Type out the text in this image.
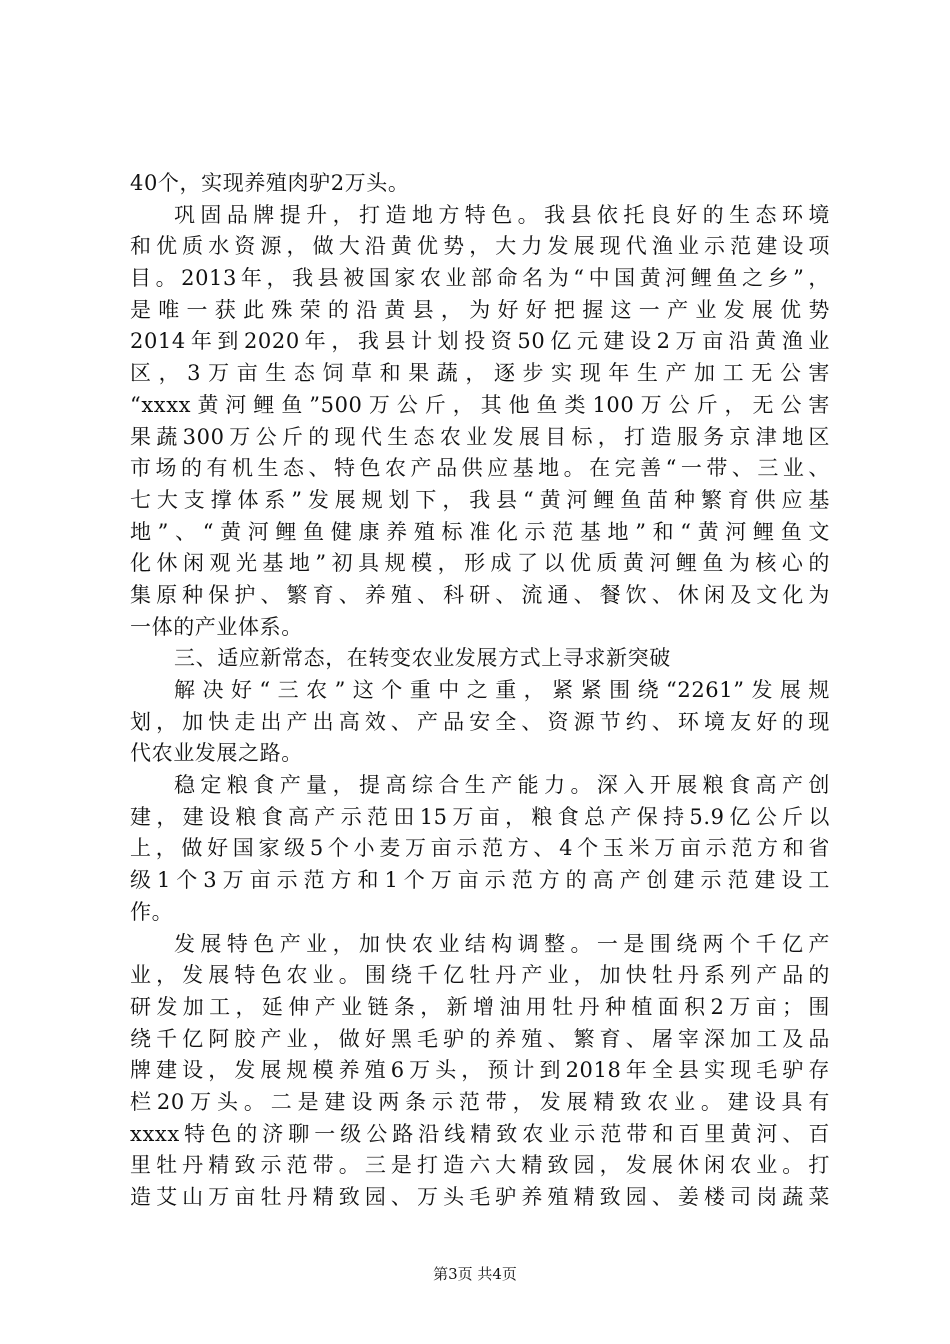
40个，实现养殖肉驴2万头。
巩固品牌提升，打造地方特色。我县依托良好的生态环境
和优质水资源，做大沿黄优势，大力发展现代渔业示范建设项
目。2013年，我县被国家农业部命名为“中国黄河鲤鱼之乡”，
是唯一获此殊荣的沿黄县，为好好把握这一产业发展优势
2014年到2020年，我县计划投资50亿元建设2万亩沿黄渔业
区，3万亩生态饲草和果蔬，逐步实现年生产加工无公害
“xxxx黄河鲤鱼”500万公斤，其他鱼类100万公斤，无公害
果蔬300万公斤的现代生态农业发展目标，打造服务京津地区
市场的有机生态、特色农产品供应基地。在完善“一带、三业、
七大支撑体系”发展规划下，我县“黄河鲤鱼苗种繁育供应基
地”、“黄河鲤鱼健康养殖标准化示范基地”和“黄河鲤鱼文
化休闲观光基地”初具规模，形成了以优质黄河鲤鱼为核心的
集原种保护、繁育、养殖、科研、流通、餐饮、休闲及文化为
一体的产业体系。
三、适应新常态，在转变农业发展方式上寻求新突破
解决好“三农”这个重中之重，紧紧围绕“2261”发展规
划，加快走出产出高效、产品安全、资源节约、环境友好的现
代农业发展之路。
稳定粮食产量，提高综合生产能力。深入开展粮食高产创
建，建设粮食高产示范田15万亩，粮食总产保持5.9亿公斤以
上，做好国家级5个小麦万亩示范方、4个玉米万亩示范方和省
级1个3万亩示范方和1个万亩示范方的高产创建示范建设工
作。
发展特色产业，加快农业结构调整。一是围绕两个千亿产
业，发展特色农业。围绕千亿牡丹产业，加快牡丹系列产品的
研发加工，延伸产业链条，新增油用牡丹种植面积2万亩；围
绕千亿阿胶产业，做好黑毛驴的养殖、繁育、屠宰深加工及品
牌建设，发展规模养殖6万头，预计到2018年全县实现毛驴存
栏20万头。二是建设两条示范带，发展精致农业。建设具有
xxxx特色的济聊一级公路沿线精致农业示范带和百里黄河、百
里牡丹精致示范带。三是打造六大精致园，发展休闲农业。打
造艾山万亩牡丹精致园、万头毛驴养殖精致园、姜楼司岗蔬菜
第3页 共4页
